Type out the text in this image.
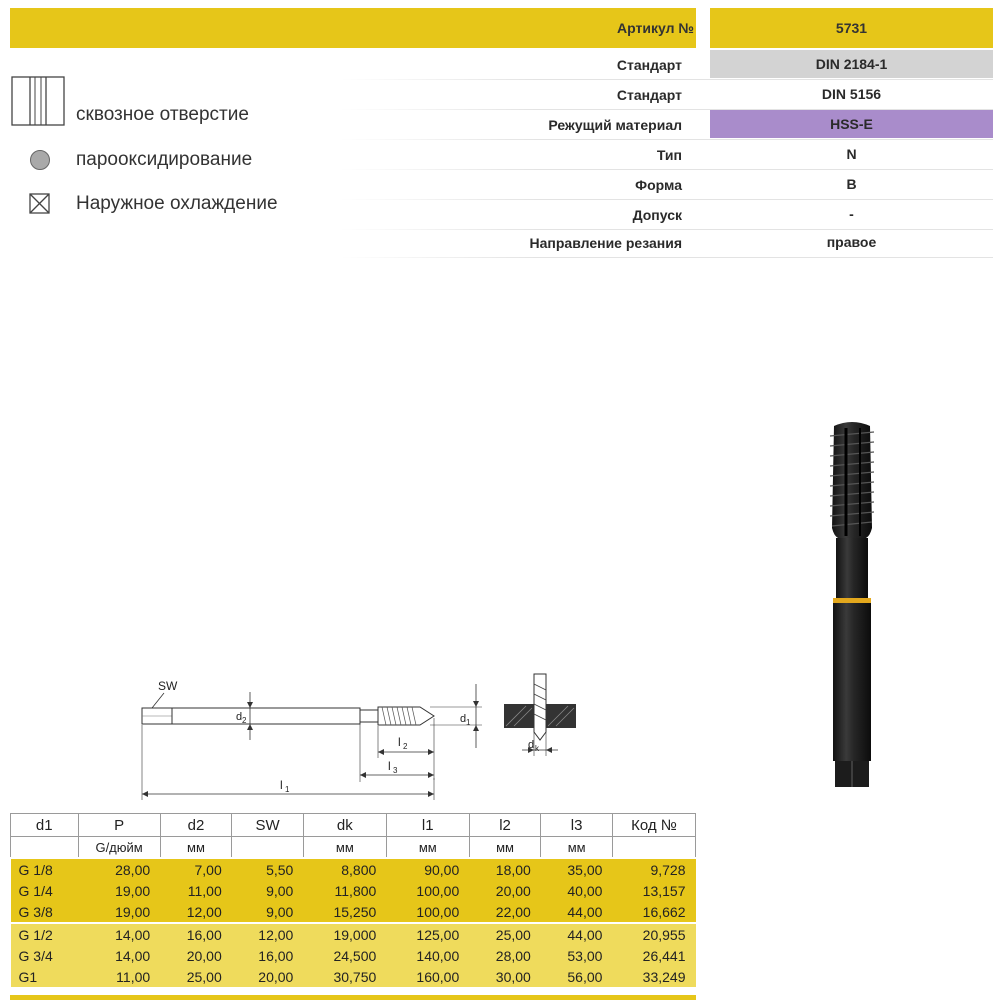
Артикул №	5731
Стандарт	DIN 2184-1
Стандарт	DIN 5156
Режущий материал	HSS-E
Тип	N
Форма	B
Допуск	-
Направление резания	правое
сквозное отверстие
парооксидирование
Наружное охлаждение
SW
d 2	d 1
l 2
l 3
l 1
d k
d1	P	d2	SW	dk	l1	l2	l3	Код №
	G/дюйм	мм		мм	мм	мм	мм	
G 1/8	28,00	7,00	5,50	8,800	90,00	18,00	35,00	9,728
G 1/4	19,00	11,00	9,00	11,800	100,00	20,00	40,00	13,157
G 3/8	19,00	12,00	9,00	15,250	100,00	22,00	44,00	16,662
G 1/2	14,00	16,00	12,00	19,000	125,00	25,00	44,00	20,955
G 3/4	14,00	20,00	16,00	24,500	140,00	28,00	53,00	26,441
G1	11,00	25,00	20,00	30,750	160,00	30,00	56,00	33,249
